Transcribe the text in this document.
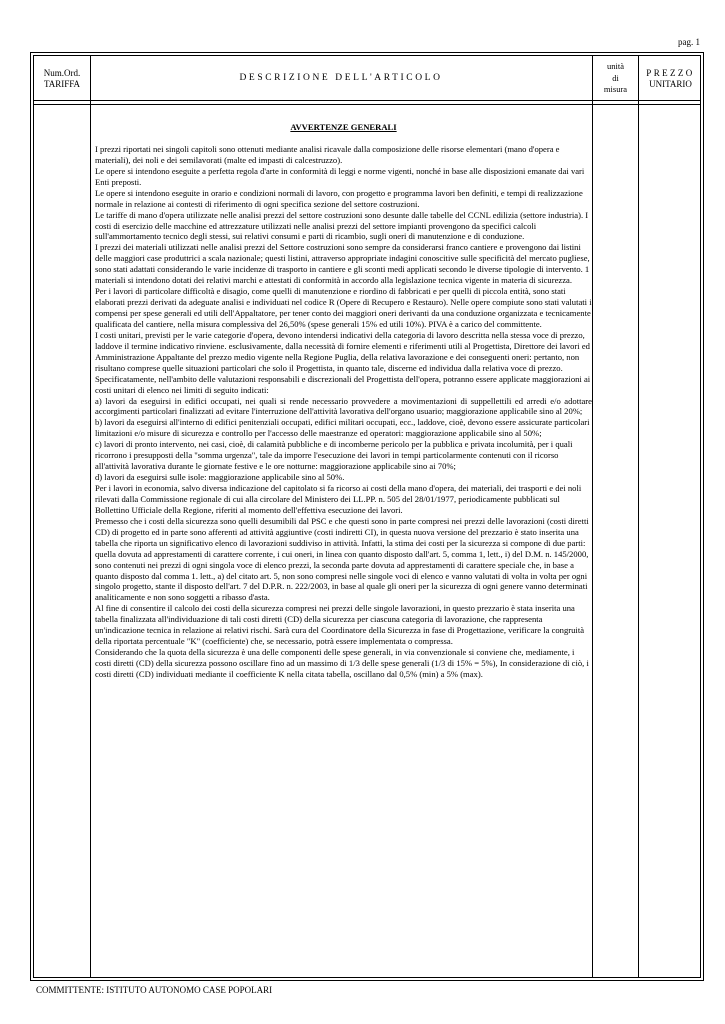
pag. 1
Num.Ord.
TARIFFA
DESCRIZIONE DELL'ARTICOLO
unità
di
misura
PREZZO
UNITARIO
AVVERTENZE GENERALI

I prezzi riportati nei singoli capitoli sono ottenuti mediante analisi ricavale dalla composizione delle risorse elementari (mano d'opera e materiali), dei noli e dei semilavorati (malte ed impasti di calcestruzzo).

Le opere si intendono eseguite a perfetta regola d'arte in conformità di leggi e norme vigenti, nonché in base alle disposizioni emanate dai vari Enti preposti.

Le opere si intendono eseguite in orario e condizioni normali di lavoro, con progetto e programma lavori ben definiti, e tempi di realizzazione normale in relazione ai contesti di riferimento di ogni specifica sezione del settore costruzioni.

Le tariffe di mano d'opera utilizzate nelle analisi prezzi del settore costruzioni sono desunte dalle tabelle del CCNL edilizia (settore industria). I costi di esercizio delle macchine ed attrezzature utilizzati nelle analisi prezzi del settore impianti provengono da specifici calcoli sull'ammortamento tecnico degli stessi, sui relativi consumi e parti di ricambio, sugli oneri di manutenzione e di conduzione.

I prezzi dei materiali utilizzati nelle analisi prezzi del Settore costruzioni sono sempre da considerarsi franco cantiere e provengono dai listini delle maggiori case produttrici a scala nazionale; questi listini, attraverso appropriate indagini conoscitive sulle specificità del mercato pugliese, sono stati adattati considerando le varie incidenze di trasporto in cantiere e gli sconti medi applicati secondo le diverse tipologie di intervento. 1 materiali si intendono dotati dei relativi marchi e attestati di conformità in accordo alla legislazione tecnica vigente in materia di sicurezza.

Per i lavori di particolare difficoltà e disagio, come quelli di manutenzione e riordino di fabbricati e per quelli di piccola entità, sono stati elaborati prezzi derivati da adeguate analisi e individuati nel codice R (Opere di Recupero e Restauro). Nelle opere compiute sono stati valutati i compensi per spese generali ed utili dell'Appaltatore, per tener conto dei maggiori oneri derivanti da una conduzione organizzata e tecnicamente qualificata del cantiere, nella misura complessiva del 26,50% (spese generali 15% ed utili 10%). PIVA è a carico del committente.

I costi unitari, previsti per le varie categorie d'opera, devono intendersi indicativi della categoria di lavoro descritta nella stessa voce di prezzo, laddove il termine indicativo rinviene. esclusivamente, dalla necessità di fornire elementi e riferimenti utili al Progettista, Direttore dei lavori ed Amministrazione Appaltante del prezzo medio vigente nella Regione Puglia, della relativa lavorazione e dei conseguenti oneri: pertanto, non risultano comprese quelle situazioni particolari che solo il Progettista, in quanto tale, discerne ed individua dalla relativa voce di prezzo.

Specificatamente, nell'ambito delle valutazioni responsabili e discrezionali del Progettista dell'opera, potranno essere applicate maggiorazioni ai costi unitari di elenco nei limiti di seguito indicati:

a) lavori da eseguirsi in edifici occupati, nei quali si rende necessario provvedere a movimentazioni di suppellettili ed arredi e/o adottare accorgimenti particolari finalizzati ad evitare l'interruzione dell'attività lavorativa dell'organo usuario; maggiorazione applicabile sino al 20%;

b) lavori da eseguirsi all'interno di edifici penitenziali occupati, edifici militari occupati, ecc., laddove, cioè, devono essere assicurate particolari limitazioni e/o misure di sicurezza e controllo per l'accesso delle maestranze ed operatori: maggiorazione applicabile sino al 50%;

c) lavori di pronto intervento, nei casi, cioè, di calamità pubbliche e di incomberne pericolo per la pubblica e privata incolumità, per i quali ricorrono i presupposti della "somma urgenza", tale da imporre l'esecuzione dei lavori in tempi particolarmente contenuti con il ricorso all'attività lavorativa durante le giornate festive e le ore notturne: maggiorazione applicabile sino ai 70%;

d) lavori da eseguirsi sulle isole: maggiorazione applicabile sino al 50%.

Per i lavori in economia, salvo diversa indicazione del capitolato si fa ricorso ai costi della mano d'opera, dei materiali, dei trasporti e dei noli rilevati dalla Commissione regionale di cui alla circolare del Ministero dei LL.PP. n. 505 del 28/01/1977, periodicamente pubblicati sul Bollettino Ufficiale della Regione, riferiti al momento dell'effettiva esecuzione dei lavori.

Premesso che i costi della sicurezza sono quelli desumibili dal PSC e che questi sono in parte compresi nei prezzi delle lavorazioni (costi diretti CD) di progetto ed in parte sono afferenti ad attività aggiuntive (costi indiretti CI), in questa nuova versione del prezzario è stato inserita una tabella che riporta un significativo elenco di lavorazioni suddiviso in attività. Infatti, la stima dei costi per la sicurezza si compone di due parti: quella dovuta ad apprestamenti di carattere corrente, i cui oneri, in linea con quanto disposto dall'art. 5, comma 1, lett., i) del D.M. n. 145/2000, sono contenuti nei prezzi di ogni singola voce di elenco prezzi, la seconda parte dovuta ad apprestamenti di carattere speciale che, in base a quanto disposto dal comma 1. lett., a) del citato art. 5, non sono compresi nelle singole voci di elenco e vanno valutati di volta in volta per ogni singolo progetto, stante il disposto dell'art. 7 del D.P.R. n. 222/2003, in base al quale gli oneri per la sicurezza di ogni genere vanno determinati analiticamente e non sono soggetti a ribasso d'asta.

Al fine di consentire il calcolo dei costi della sicurezza compresi nei prezzi delle singole lavorazioni, in questo prezzario è stata inserita una tabella finalizzata all'individuazione di tali costi diretti (CD) della sicurezza per ciascuna categoria di lavorazione, che rappresenta un'indicazione tecnica in relazione ai relativi rischi. Sarà cura del Coordinatore della Sicurezza in fase di Progettazione, verificare la congruità della riportata percentuale "K" (coefficiente) che, se necessario, potrà essere implementata o compressa.

Considerando che la quota della sicurezza è una delle componenti delle spese generali, in via convenzionale si conviene che, mediamente, i costi diretti (CD) della sicurezza possono oscillare fino ad un massimo di 1/3 delle spese generali (1/3 di 15% = 5%), In considerazione di ciò, i costi diretti (CD) individuati mediante il coefficiente K nella citata tabella, oscillano dal 0,5% (min) a 5% (max).

COMMITTENTE: ISTITUTO AUTONOMO CASE POPOLARI
